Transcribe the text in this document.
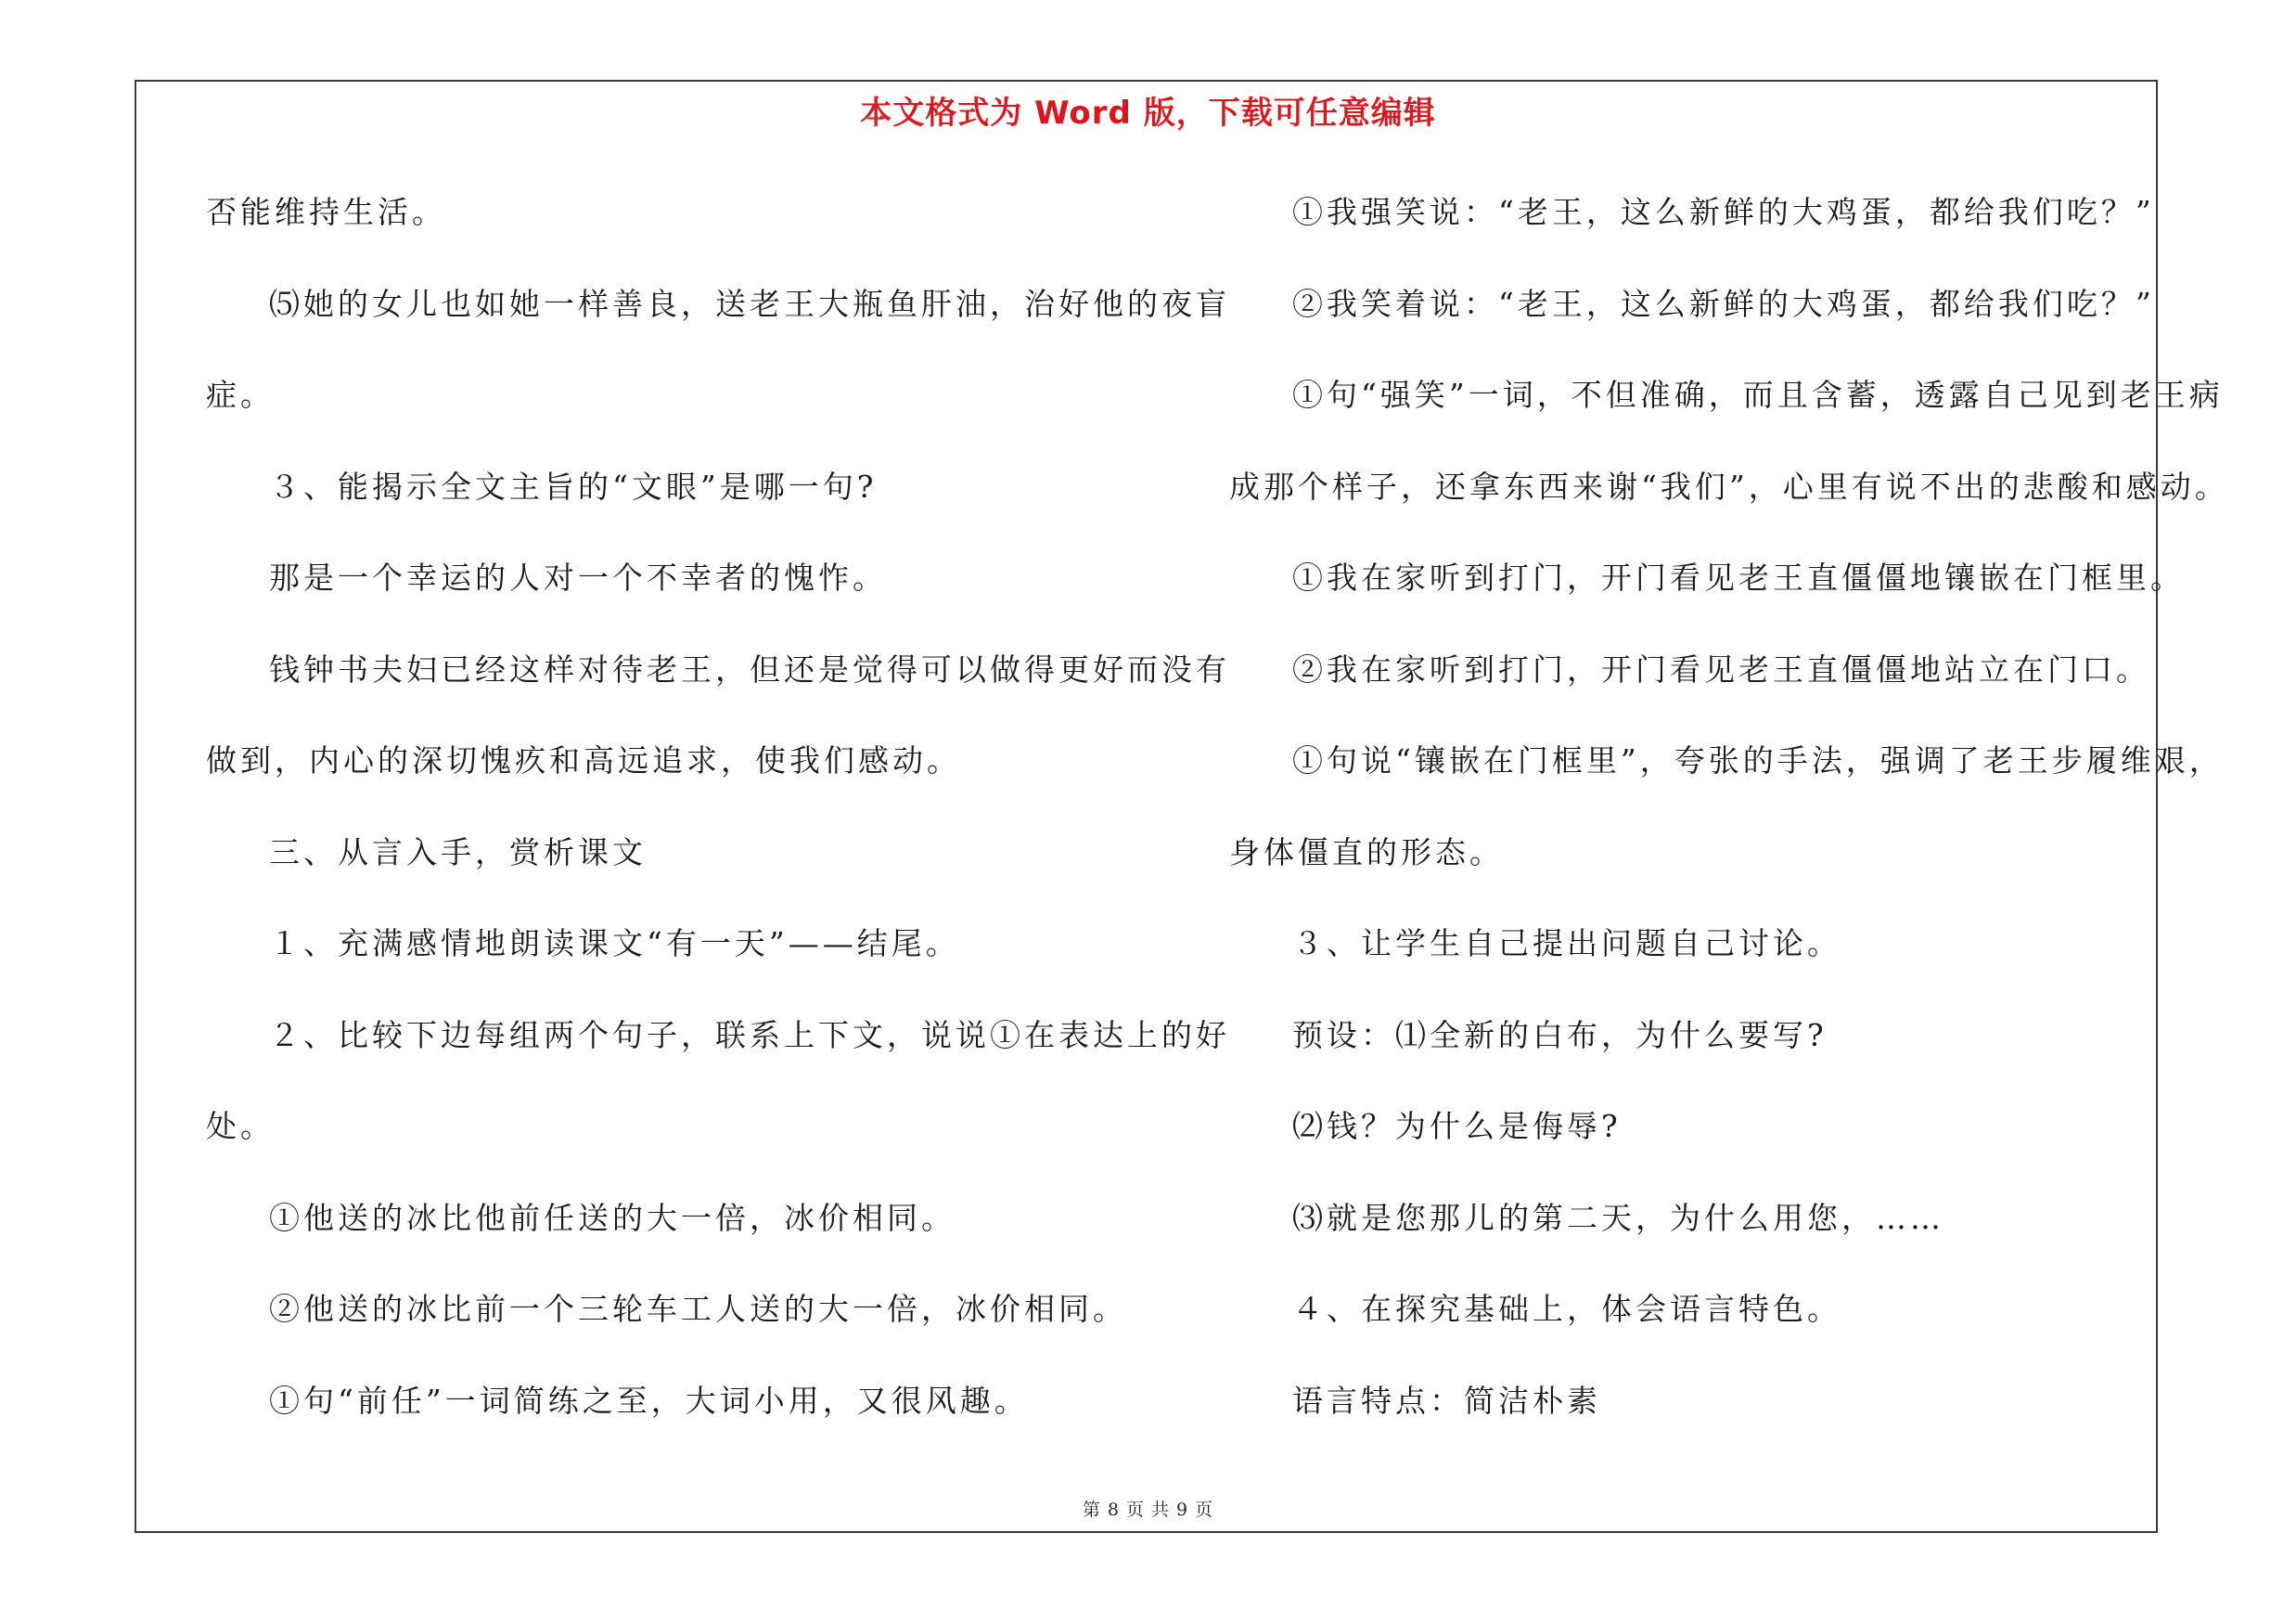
本文格式为 Word 版，下载可任意编辑
否能维持生活。
⑸她的女儿也如她一样善良，送老王大瓶鱼肝油，治好他的夜盲
症。
３、能揭示全文主旨的“文眼”是哪一句?
那是一个幸运的人对一个不幸者的愧怍。
钱钟书夫妇已经这样对待老王，但还是觉得可以做得更好而没有
做到，内心的深切愧疚和高远追求，使我们感动。
三、从言入手，赏析课文
１、充满感情地朗读课文“有一天”——结尾。
２、比较下边每组两个句子，联系上下文，说说①在表达上的好
处。
①他送的冰比他前任送的大一倍，冰价相同。
②他送的冰比前一个三轮车工人送的大一倍，冰价相同。
①句“前任”一词简练之至，大词小用，又很风趣。
①我强笑说：“老王，这么新鲜的大鸡蛋，都给我们吃？”
②我笑着说：“老王，这么新鲜的大鸡蛋，都给我们吃？”
①句“强笑”一词，不但准确，而且含蓄，透露自己见到老王病
成那个样子，还拿东西来谢“我们”，心里有说不出的悲酸和感动。
①我在家听到打门，开门看见老王直僵僵地镶嵌在门框里。
②我在家听到打门，开门看见老王直僵僵地站立在门口。
①句说“镶嵌在门框里”，夸张的手法，强调了老王步履维艰，
身体僵直的形态。
３、让学生自己提出问题自己讨论。
预设：⑴全新的白布，为什么要写?
⑵钱？为什么是侮辱?
⑶就是您那儿的第二天，为什么用您，……
４、在探究基础上，体会语言特色。
语言特点：简洁朴素
第 8 页 共 9 页
